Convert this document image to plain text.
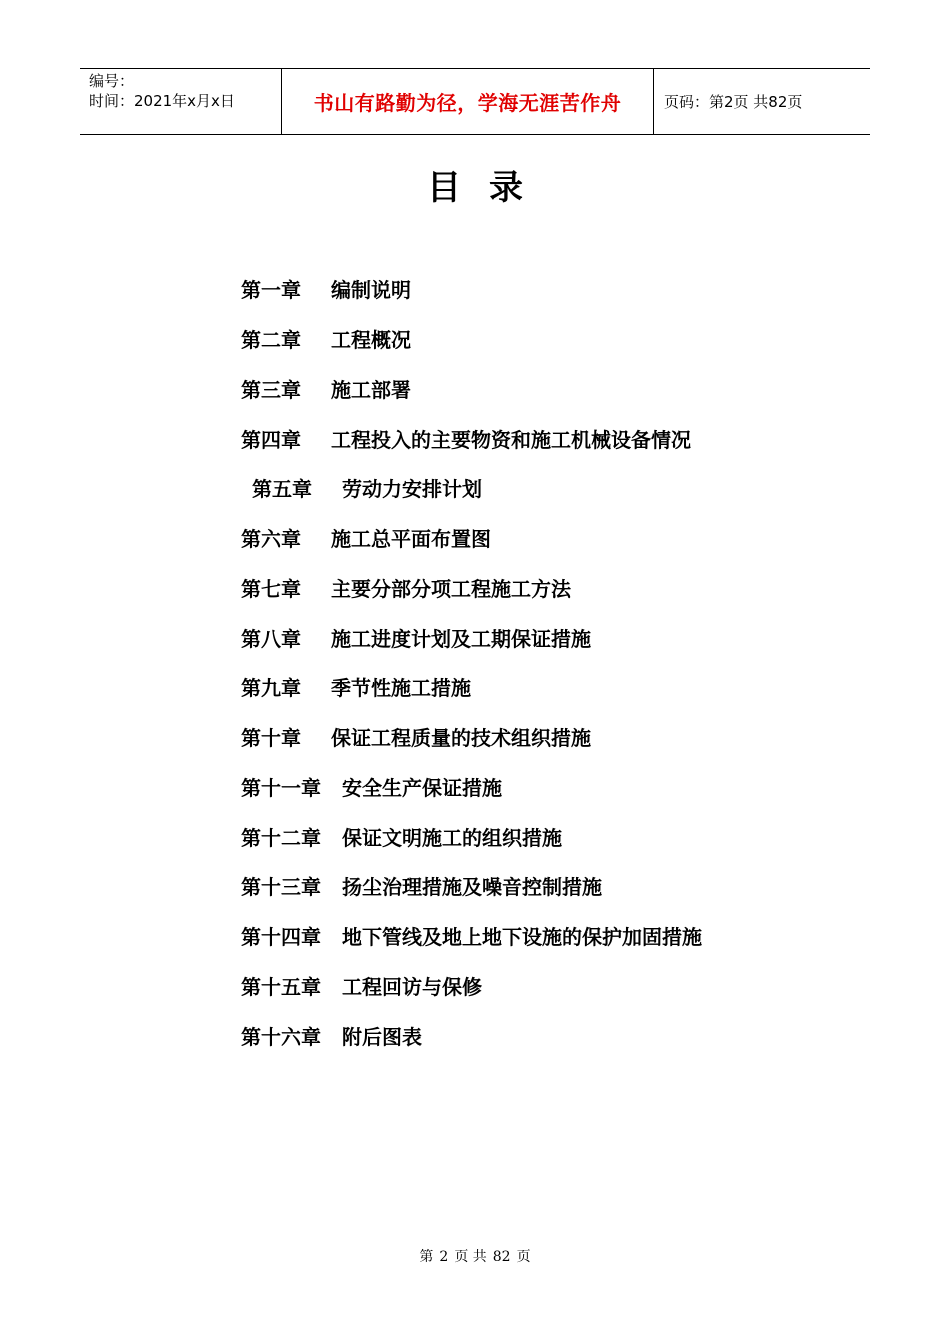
编号：
时间：2021年x月x日	书山有路勤为径，学海无涯苦作舟	页码：第2页 共82页
目录
第一章	编制说明
第二章	工程概况
第三章	施工部署
第四章	工程投入的主要物资和施工机械设备情况
第五章	劳动力安排计划
第六章	施工总平面布置图
第七章	主要分部分项工程施工方法
第八章	施工进度计划及工期保证措施
第九章	季节性施工措施
第十章	保证工程质量的技术组织措施
第十一章	安全生产保证措施
第十二章	保证文明施工的组织措施
第十三章	扬尘治理措施及噪音控制措施
第十四章	地下管线及地上地下设施的保护加固措施
第十五章	工程回访与保修
第十六章	附后图表
第 2 页 共 82 页
